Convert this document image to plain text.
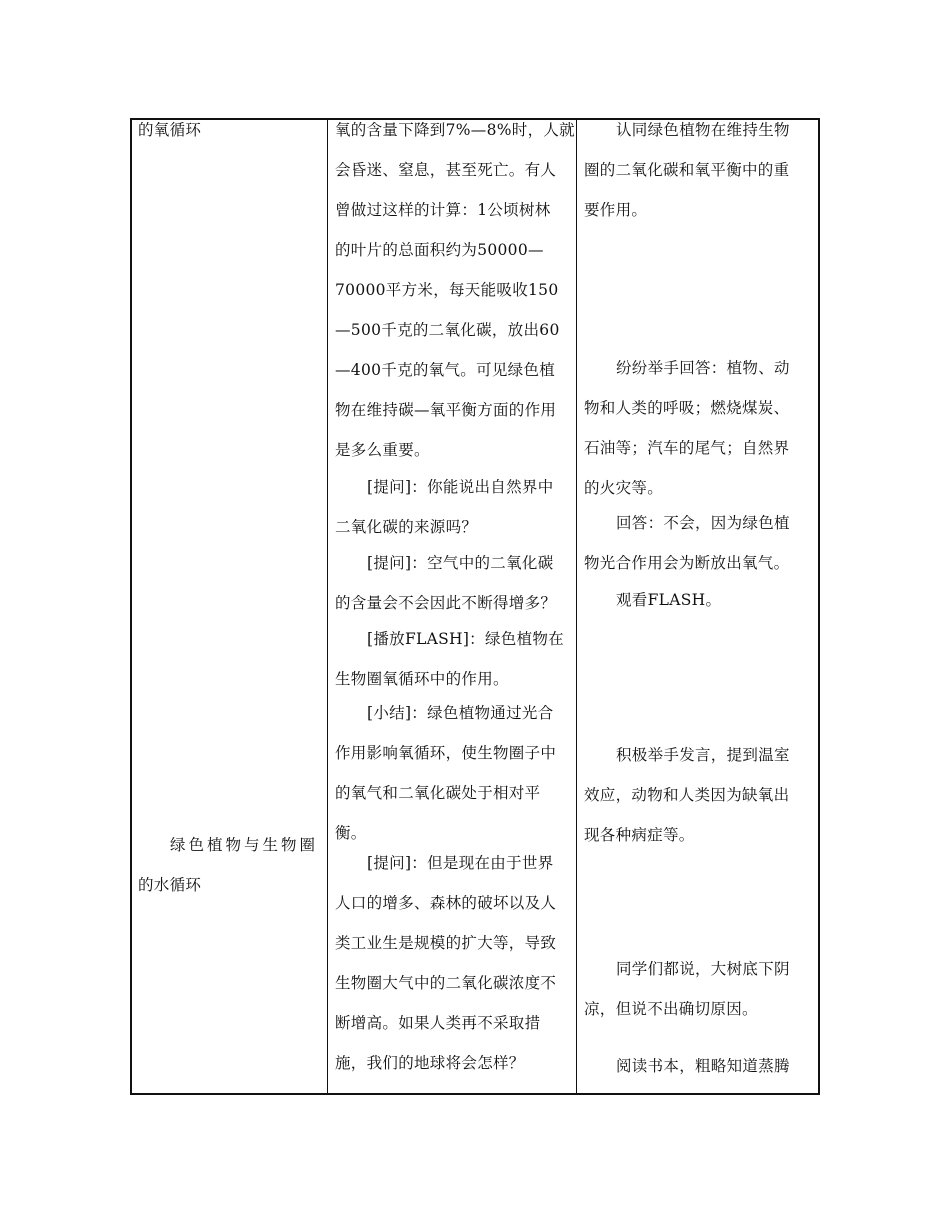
的氧循环
绿色植物与生物圈
的水循环
氧的含量下降到7%—8%时，人就
会昏迷、窒息，甚至死亡。有人
曾做过这样的计算：1公顷树林
的叶片的总面积约为50000—
70000平方米，每天能吸收150
—500千克的二氧化碳，放出60
—400千克的氧气。可见绿色植
物在维持碳—氧平衡方面的作用
是多么重要。
[提问]：你能说出自然界中
二氧化碳的来源吗？
[提问]：空气中的二氧化碳
的含量会不会因此不断得增多？
[播放FLASH]：绿色植物在
生物圈氧循环中的作用。
[小结]：绿色植物通过光合
作用影响氧循环，使生物圈子中
的氧气和二氧化碳处于相对平
衡。
[提问]：但是现在由于世界
人口的增多、森林的破坏以及人
类工业生是规模的扩大等，导致
生物圈大气中的二氧化碳浓度不
断增高。如果人类再不采取措
施，我们的地球将会怎样？
认同绿色植物在维持生物
圈的二氧化碳和氧平衡中的重
要作用。
纷纷举手回答：植物、动
物和人类的呼吸；燃烧煤炭、
石油等；汽车的尾气；自然界
的火灾等。
回答：不会，因为绿色植
物光合作用会为断放出氧气。
观看FLASH。
积极举手发言，提到温室
效应，动物和人类因为缺氧出
现各种病症等。
同学们都说，大树底下阴
凉，但说不出确切原因。
阅读书本，粗略知道蒸腾
